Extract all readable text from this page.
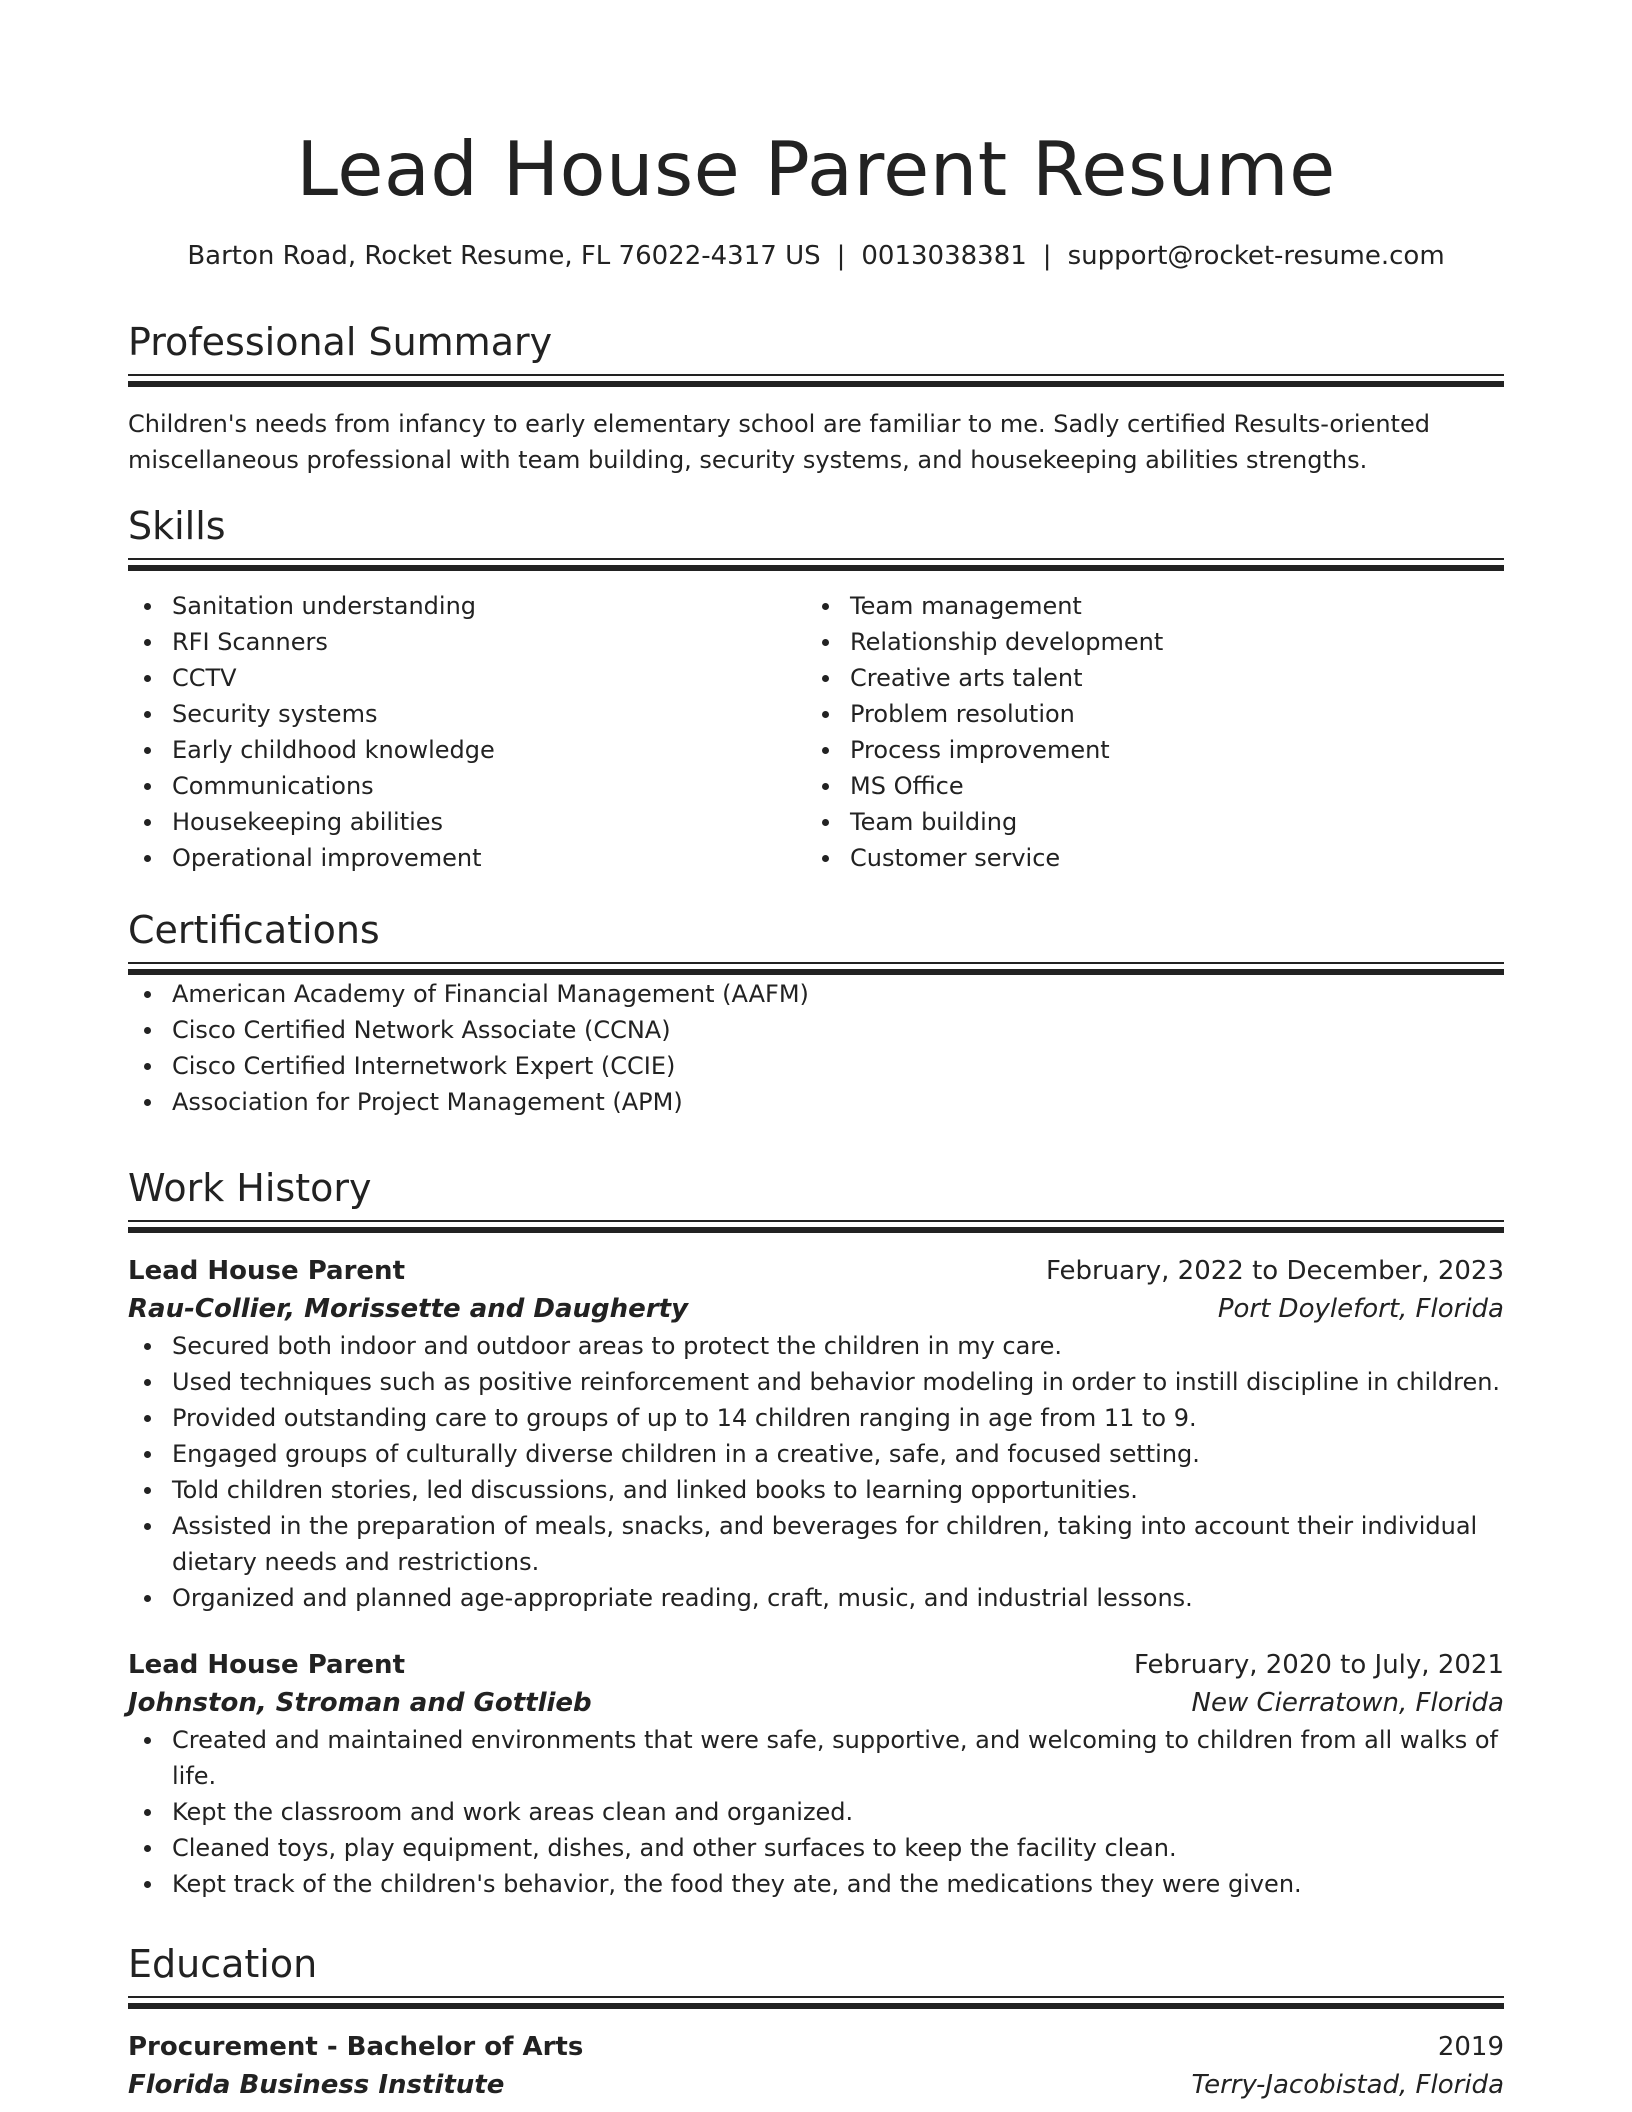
Lead House Parent Resume
Barton Road, Rocket Resume, FL 76022-4317 US | 0013038381 | support@rocket-resume.com
Professional Summary
Children's needs from infancy to early elementary school are familiar to me. Sadly certified Results-oriented miscellaneous professional with team building, security systems, and housekeeping abilities strengths.
Skills
Sanitation understanding
RFI Scanners
CCTV
Security systems
Early childhood knowledge
Communications
Housekeeping abilities
Operational improvement
Team management
Relationship development
Creative arts talent
Problem resolution
Process improvement
MS Office
Team building
Customer service
Certifications
American Academy of Financial Management (AAFM)
Cisco Certified Network Associate (CCNA)
Cisco Certified Internetwork Expert (CCIE)
Association for Project Management (APM)
Work History
Lead House Parent	February, 2022 to December, 2023
Rau-Collier, Morissette and Daugherty	Port Doylefort, Florida
Secured both indoor and outdoor areas to protect the children in my care.
Used techniques such as positive reinforcement and behavior modeling in order to instill discipline in children.
Provided outstanding care to groups of up to 14 children ranging in age from 11 to 9.
Engaged groups of culturally diverse children in a creative, safe, and focused setting.
Told children stories, led discussions, and linked books to learning opportunities.
Assisted in the preparation of meals, snacks, and beverages for children, taking into account their individual dietary needs and restrictions.
Organized and planned age-appropriate reading, craft, music, and industrial lessons.
Lead House Parent	February, 2020 to July, 2021
Johnston, Stroman and Gottlieb	New Cierratown, Florida
Created and maintained environments that were safe, supportive, and welcoming to children from all walks of life.
Kept the classroom and work areas clean and organized.
Cleaned toys, play equipment, dishes, and other surfaces to keep the facility clean.
Kept track of the children's behavior, the food they ate, and the medications they were given.
Education
Procurement - Bachelor of Arts	2019
Florida Business Institute	Terry-Jacobistad, Florida
